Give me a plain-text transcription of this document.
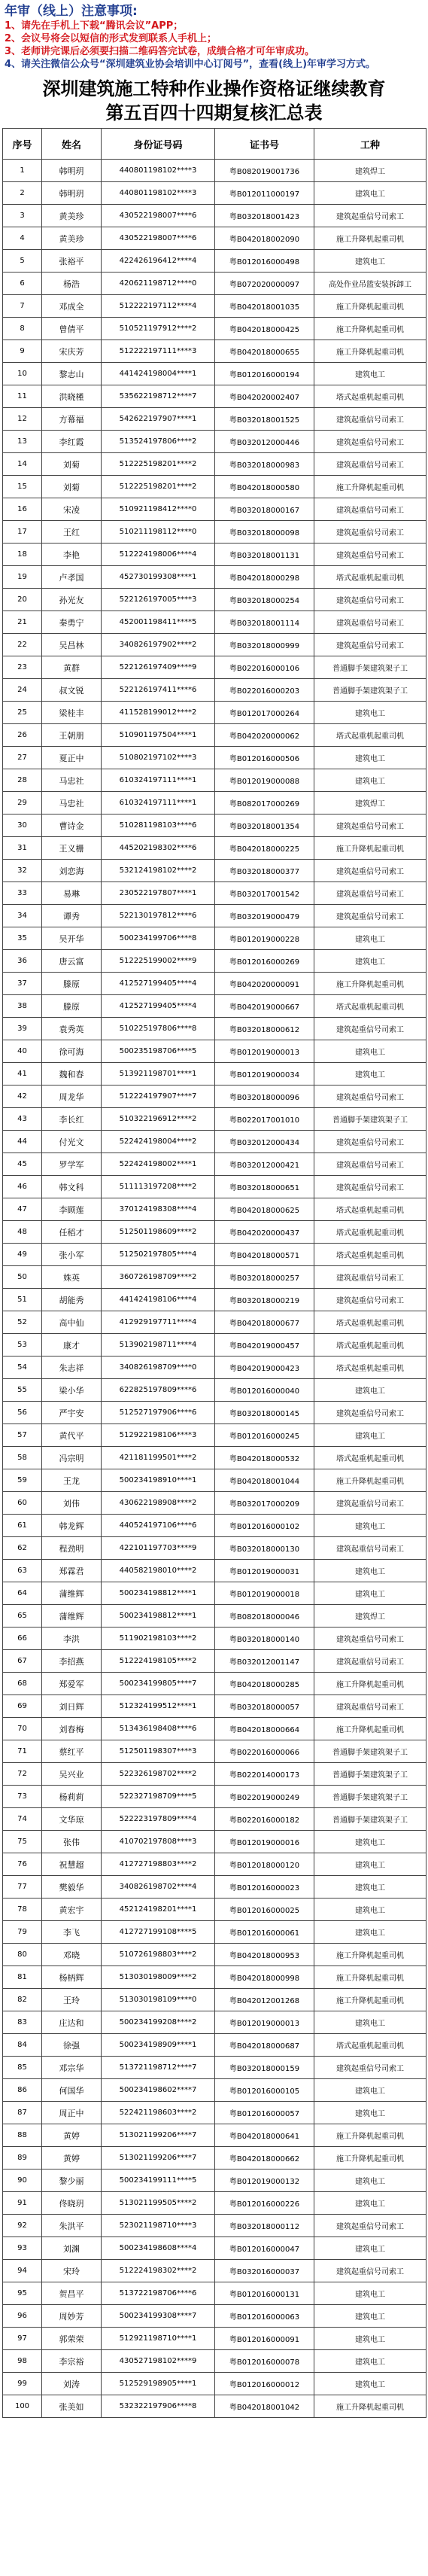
年审（线上）注意事项:
1、请先在手机上下载“腾讯会议”APP；
2、会议号将会以短信的形式发到联系人手机上；
3、老师讲完课后必须要扫描二维码答完试卷，成绩合格才可年审成功。
4、请关注微信公众号“深圳建筑业协会培训中心订阅号”，查看(线上)年审学习方式。
深圳建筑施工特种作业操作资格证继续教育
第五百四十四期复核汇总表
序号	姓名	身份证号码	证书号	工种
1	韩明玥	440801198102****3	粤B082019001736	建筑焊工
2	韩明玥	440801198102****3	粤B012011000197	建筑电工
3	黄美珍	430522198007****6	粤B032018001423	建筑起重信号司索工
4	黄美珍	430522198007****6	粤B042018002090	施工升降机起重司机
5	张裕平	422426196412****4	粤B012016000498	建筑电工
6	杨浩	420621198712****0	粤B072020000097	高处作业吊篮安装拆卸工
7	邓成全	512222197112****4	粤B042018001035	施工升降机起重司机
8	曾倩平	510521197912****2	粤B042018000425	施工升降机起重司机
9	宋庆芳	512222197111****3	粤B042018000655	施工升降机起重司机
10	黎志山	441424198004****1	粤B012016000194	建筑电工
11	洪晓槿	535622198712****7	粤B042020002407	塔式起重机起重司机
12	方幕福	542622197907****1	粤B032018001525	建筑起重信号司索工
13	李红霞	513524197806****2	粤B032012000446	建筑起重信号司索工
14	刘菊	512225198201****2	粤B032018000983	建筑起重信号司索工
15	刘菊	512225198201****2	粤B042018000580	施工升降机起重司机
16	宋凌	510921198412****0	粤B032018000167	建筑起重信号司索工
17	王红	510211198112****0	粤B032018000098	建筑起重信号司索工
18	李艳	512224198006****4	粤B032018001131	建筑起重信号司索工
19	卢孝国	452730199308****1	粤B042018000298	塔式起重机起重司机
20	孙光友	522126197005****3	粤B032018000254	建筑起重信号司索工
21	秦勇宁	452001198411****5	粤B032018001114	建筑起重信号司索工
22	吴昌林	340826197902****2	粤B032018000999	建筑起重信号司索工
23	黄群	522126197409****9	粤B022016000106	普通脚手架建筑架子工
24	叔文锐	522126197411****6	粤B022016000203	普通脚手架建筑架子工
25	梁桂丰	411528199012****2	粤B012017000264	建筑电工
26	王朝朋	510901197504****1	粤B042020000062	塔式起重机起重司机
27	夏正中	510802197102****3	粤B012016000506	建筑电工
28	马忠社	610324197111****1	粤B012019000088	建筑电工
29	马忠社	610324197111****1	粤B082017000269	建筑焊工
30	曹诗金	510281198103****6	粤B032018001354	建筑起重信号司索工
31	王义栅	445202198302****6	粤B042018000225	施工升降机起重司机
32	刘恋海	532124198102****2	粤B032018000377	建筑起重信号司索工
33	易琳	230522197807****1	粤B032017001542	建筑起重信号司索工
34	谭秀	522130197812****6	粤B032019000479	建筑起重信号司索工
35	吴开华	500234199706****8	粤B012019000228	建筑电工
36	唐云富	512225199002****9	粤B012016000269	建筑电工
37	滕原	412527199405****4	粤B042020000091	施工升降机起重司机
38	滕原	412527199405****4	粤B042019000667	塔式起重机起重司机
39	袁秀英	510225197806****8	粤B032018000612	建筑起重信号司索工
40	徐可海	500235198706****5	粤B012019000013	建筑电工
41	魏和春	513921198701****1	粤B012019000034	建筑电工
42	周龙华	512224197907****7	粤B032018000096	建筑起重信号司索工
43	李长红	510322196912****2	粤B022017001010	普通脚手架建筑架子工
44	付光文	522424198004****2	粤B032012000434	建筑起重信号司索工
45	罗学军	522424198002****1	粤B032012000421	建筑起重信号司索工
46	韩文科	511113197208****2	粤B032018000651	建筑起重信号司索工
47	李顾莲	370124198308****4	粤B042018000625	塔式起重机起重司机
48	任稻才	512501198609****2	粤B042020000437	塔式起重机起重司机
49	张小军	512502197805****4	粤B042018000571	塔式起重机起重司机
50	姝英	360726198709****2	粤B032018000257	建筑起重信号司索工
51	胡能秀	441424198106****4	粤B032018000219	建筑起重信号司索工
52	高中仙	412929197711****4	粤B042018000677	塔式起重机起重司机
53	康才	513902198711****4	粤B042019000457	塔式起重机起重司机
54	朱志祥	340826198709****0	粤B042019000423	塔式起重机起重司机
55	梁小华	622825197809****6	粤B012016000040	建筑电工
56	严宇安	512527197906****6	粤B032018000145	建筑起重信号司索工
57	黄代平	512922198106****3	粤B012016000245	建筑电工
58	冯宗明	421181199501****2	粤B042018000532	塔式起重机起重司机
59	王龙	500234198910****1	粤B042018001044	施工升降机起重司机
60	刘伟	430622198908****2	粤B032017000209	建筑起重信号司索工
61	韩龙辉	440524197106****6	粤B012016000102	建筑电工
62	程劲明	422101197703****9	粤B032018000130	建筑起重信号司索工
63	郑霖君	440582198010****2	粤B012019000031	建筑电工
64	蒲维辉	500234198812****1	粤B012019000018	建筑电工
65	蒲维辉	500234198812****1	粤B082018000046	建筑焊工
66	李洪	511902198103****2	粤B032018000140	建筑起重信号司索工
67	李招燕	512224198105****2	粤B032012001147	建筑起重信号司索工
68	郑爱军	500234199805****7	粤B042018000285	施工升降机起重司机
69	刘日辉	512324199512****1	粤B032018000057	建筑起重信号司索工
70	刘春梅	513436198408****6	粤B042018000664	施工升降机起重司机
71	蔡红平	512501198307****3	粤B022016000066	普通脚手架建筑架子工
72	吴兴业	522326198702****2	粤B022014000173	普通脚手架建筑架子工
73	杨莉莉	522327198709****5	粤B022019000249	普通脚手架建筑架子工
74	文华琼	522223197809****4	粤B022016000182	普通脚手架建筑架子工
75	张伟	410702197808****3	粤B012019000016	建筑电工
76	祝慧超	412727198803****2	粤B012018000120	建筑电工
77	樊毅华	340826198702****4	粤B012016000023	建筑电工
78	黄宏宇	452124198201****1	粤B012016000025	建筑电工
79	李飞	412727199108****5	粤B012016000061	建筑电工
80	邓晓	510726198803****2	粤B042018000953	施工升降机起重司机
81	杨柄辉	513030198009****2	粤B042018000998	施工升降机起重司机
82	王玲	513030198109****0	粤B042012001268	施工升降机起重司机
83	庄达和	500234199208****2	粤B012019000013	建筑电工
84	徐强	500234198909****1	粤B042018000687	塔式起重机起重司机
85	邓宗华	513721198712****7	粤B032018000159	建筑起重信号司索工
86	何国华	500234198602****7	粤B012016000105	建筑电工
87	周正中	522421198603****2	粤B012016000057	建筑电工
88	黄婷	513021199206****7	粤B042018000641	施工升降机起重司机
89	黄婷	513021199206****7	粤B042018000662	施工升降机起重司机
90	黎少丽	500234199111****5	粤B012019000132	建筑电工
91	佟晓玥	513021199505****2	粤B012016000226	建筑电工
92	朱洪平	523021198710****3	粤B032018000112	建筑起重信号司索工
93	刘渊	500234198608****4	粤B012016000047	建筑电工
94	宋玲	512224198302****2	粤B032016000037	建筑起重信号司索工
95	贺昌平	513722198706****6	粤B012016000131	建筑电工
96	周妙芳	500234199308****7	粤B012016000063	建筑电工
97	郭荣荣	512921198710****1	粤B012016000091	建筑电工
98	李宗裕	430527198102****9	粤B012016000078	建筑电工
99	刘涛	512529198905****1	粤B012016000012	建筑电工
100	张美如	532322197906****8	粤B042018001042	施工升降机起重司机
